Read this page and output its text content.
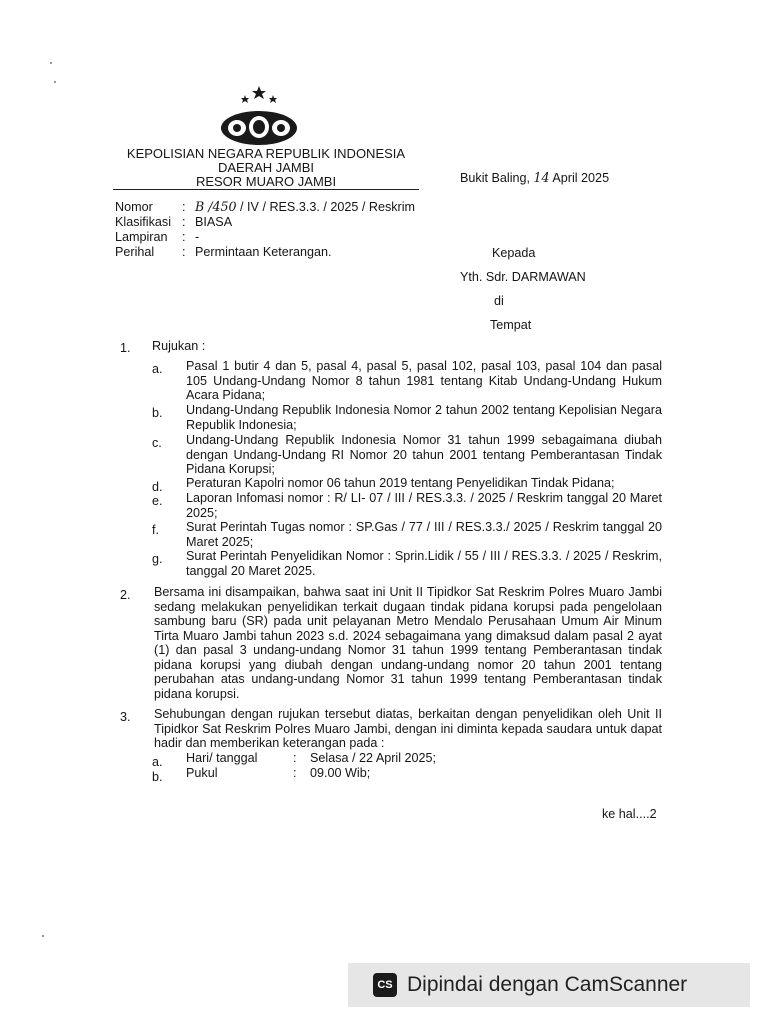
KEPOLISIAN NEGARA REPUBLIK INDONESIA
DAERAH JAMBI
RESOR MUARO JAMBI	Bukit Baling, 14 April 2025
Nomor	: B /450 / IV / RES.3.3. / 2025 / Reskrim
Klasifikasi : BIASA
Lampiran	: -
Perihal	: Permintaan Keterangan.	Kepada
Yth. Sdr. DARMAWAN
di
Tempat
1. Rujukan :
a. Pasal 1 butir 4 dan 5, pasal 4, pasal 5, pasal 102, pasal 103, pasal 104 dan pasal 105 Undang-Undang Nomor 8 tahun 1981 tentang Kitab Undang-Undang Hukum Acara Pidana;
b. Undang-Undang Republik Indonesia Nomor 2 tahun 2002 tentang Kepolisian Negara Republik Indonesia;
c. Undang-Undang Republik Indonesia Nomor 31 tahun 1999 sebagaimana diubah dengan Undang-Undang RI Nomor 20 tahun 2001 tentang Pemberantasan Tindak Pidana Korupsi;
d. Peraturan Kapolri nomor 06 tahun 2019 tentang Penyelidikan Tindak Pidana;
e. Laporan Infomasi nomor : R/ LI- 07 / III / RES.3.3. / 2025 / Reskrim tanggal 20 Maret 2025;
f. Surat Perintah Tugas nomor : SP.Gas / 77 / III / RES.3.3./ 2025 / Reskrim tanggal 20 Maret 2025;
g. Surat Perintah Penyelidikan Nomor : Sprin.Lidik / 55 / III / RES.3.3. / 2025 / Reskrim, tanggal 20 Maret 2025.
2. Bersama ini disampaikan, bahwa saat ini Unit II Tipidkor Sat Reskrim Polres Muaro Jambi sedang melakukan penyelidikan terkait dugaan tindak pidana korupsi pada pengelolaan sambung baru (SR) pada unit pelayanan Metro Mendalo Perusahaan Umum Air Minum Tirta Muaro Jambi tahun 2023 s.d. 2024 sebagaimana yang dimaksud dalam pasal 2 ayat (1) dan pasal 3 undang-undang Nomor 31 tahun 1999 tentang Pemberantasan tindak pidana korupsi yang diubah dengan undang-undang nomor 20 tahun 2001 tentang perubahan atas undang-undang Nomor 31 tahun 1999 tentang Pemberantasan tindak pidana korupsi.
3. Sehubungan dengan rujukan tersebut diatas, berkaitan dengan penyelidikan oleh Unit II Tipidkor Sat Reskrim Polres Muaro Jambi, dengan ini diminta kepada saudara untuk dapat hadir dan memberikan keterangan pada :
a. Hari/ tanggal	: Selasa / 22 April 2025;
b. Pukul	: 09.00 Wib;
ke hal....2
CS Dipindai dengan CamScanner
